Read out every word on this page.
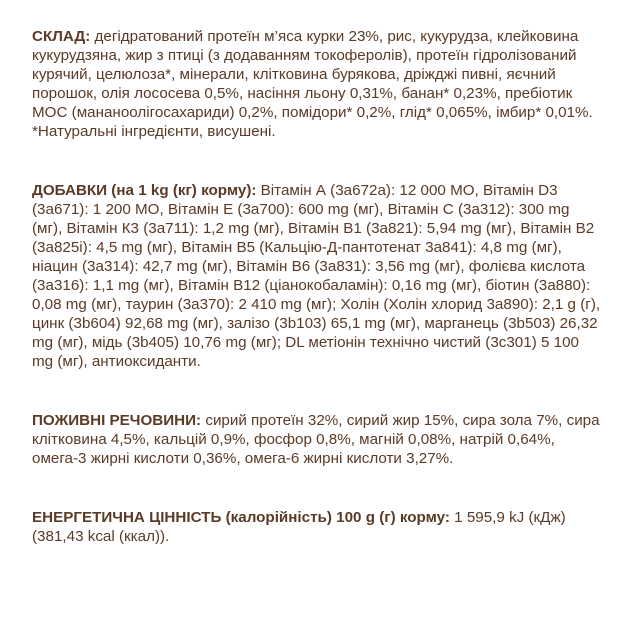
СКЛАД: дегідратований протеїн м’яса курки 23%, рис, кукурудза, клейковина кукурудзяна, жир з птиці (з додаванням токоферолів), протеїн гідролізований курячий, целюлоза*, мінерали, клітковина бурякова, дріжджі пивні, яєчний порошок, олія лососева 0,5%, насіння льону 0,31%, банан* 0,23%, пребіотик МОС (мананоолігосахариди) 0,2%, помідори* 0,2%, глід* 0,065%, імбир* 0,01%. *Натуральні інгредієнти, висушені.

ДОБАВКИ (на 1 kg (кг) корму): Вітамін А (3а672а): 12 000 МО, Вітамін D3 (3а671): 1 200 МО, Вітамін Е (3а700): 600 mg (мг), Вітамін С (3а312): 300 mg (мг), Вітамін К3 (3а711): 1,2 mg (мг), Вітамін В1 (3а821): 5,94 mg (мг), Вітамін В2 (3а825і): 4,5 mg (мг), Вітамін В5 (Кальцію-Д-пантотенат 3а841): 4,8 mg (мг), ніацин (3а314): 42,7 mg (мг), Вітамін В6 (3а831): 3,56 mg (мг), фолієва кислота (3а316): 1,1 mg (мг), Вітамін В12 (ціанокобаламін): 0,16 mg (мг), біотин (3а880): 0,08 mg (мг), таурин (3а370): 2 410 mg (мг); Холін (Холін хлорид 3а890): 2,1 g (г), цинк (3b604) 92,68 mg (мг), залізо (3b103) 65,1 mg (мг), марганець (3b503) 26,32 mg (мг), мідь (3b405) 10,76 mg (мг); DL метіонін технічно чистий (3с301) 5 100 mg (мг), антиоксиданти.

ПОЖИВНІ РЕЧОВИНИ: сирий протеїн 32%, сирий жир 15%, сира зола 7%, сира клітковина 4,5%, кальцій 0,9%, фосфор 0,8%, магній 0,08%, натрій 0,64%, омега-3 жирні кислоти 0,36%, омега-6 жирні кислоти 3,27%.

ЕНЕРГЕТИЧНА ЦІННІСТЬ (калорійність) 100 g (г) корму: 1 595,9 kJ (кДж) (381,43 kcal (ккал)).
